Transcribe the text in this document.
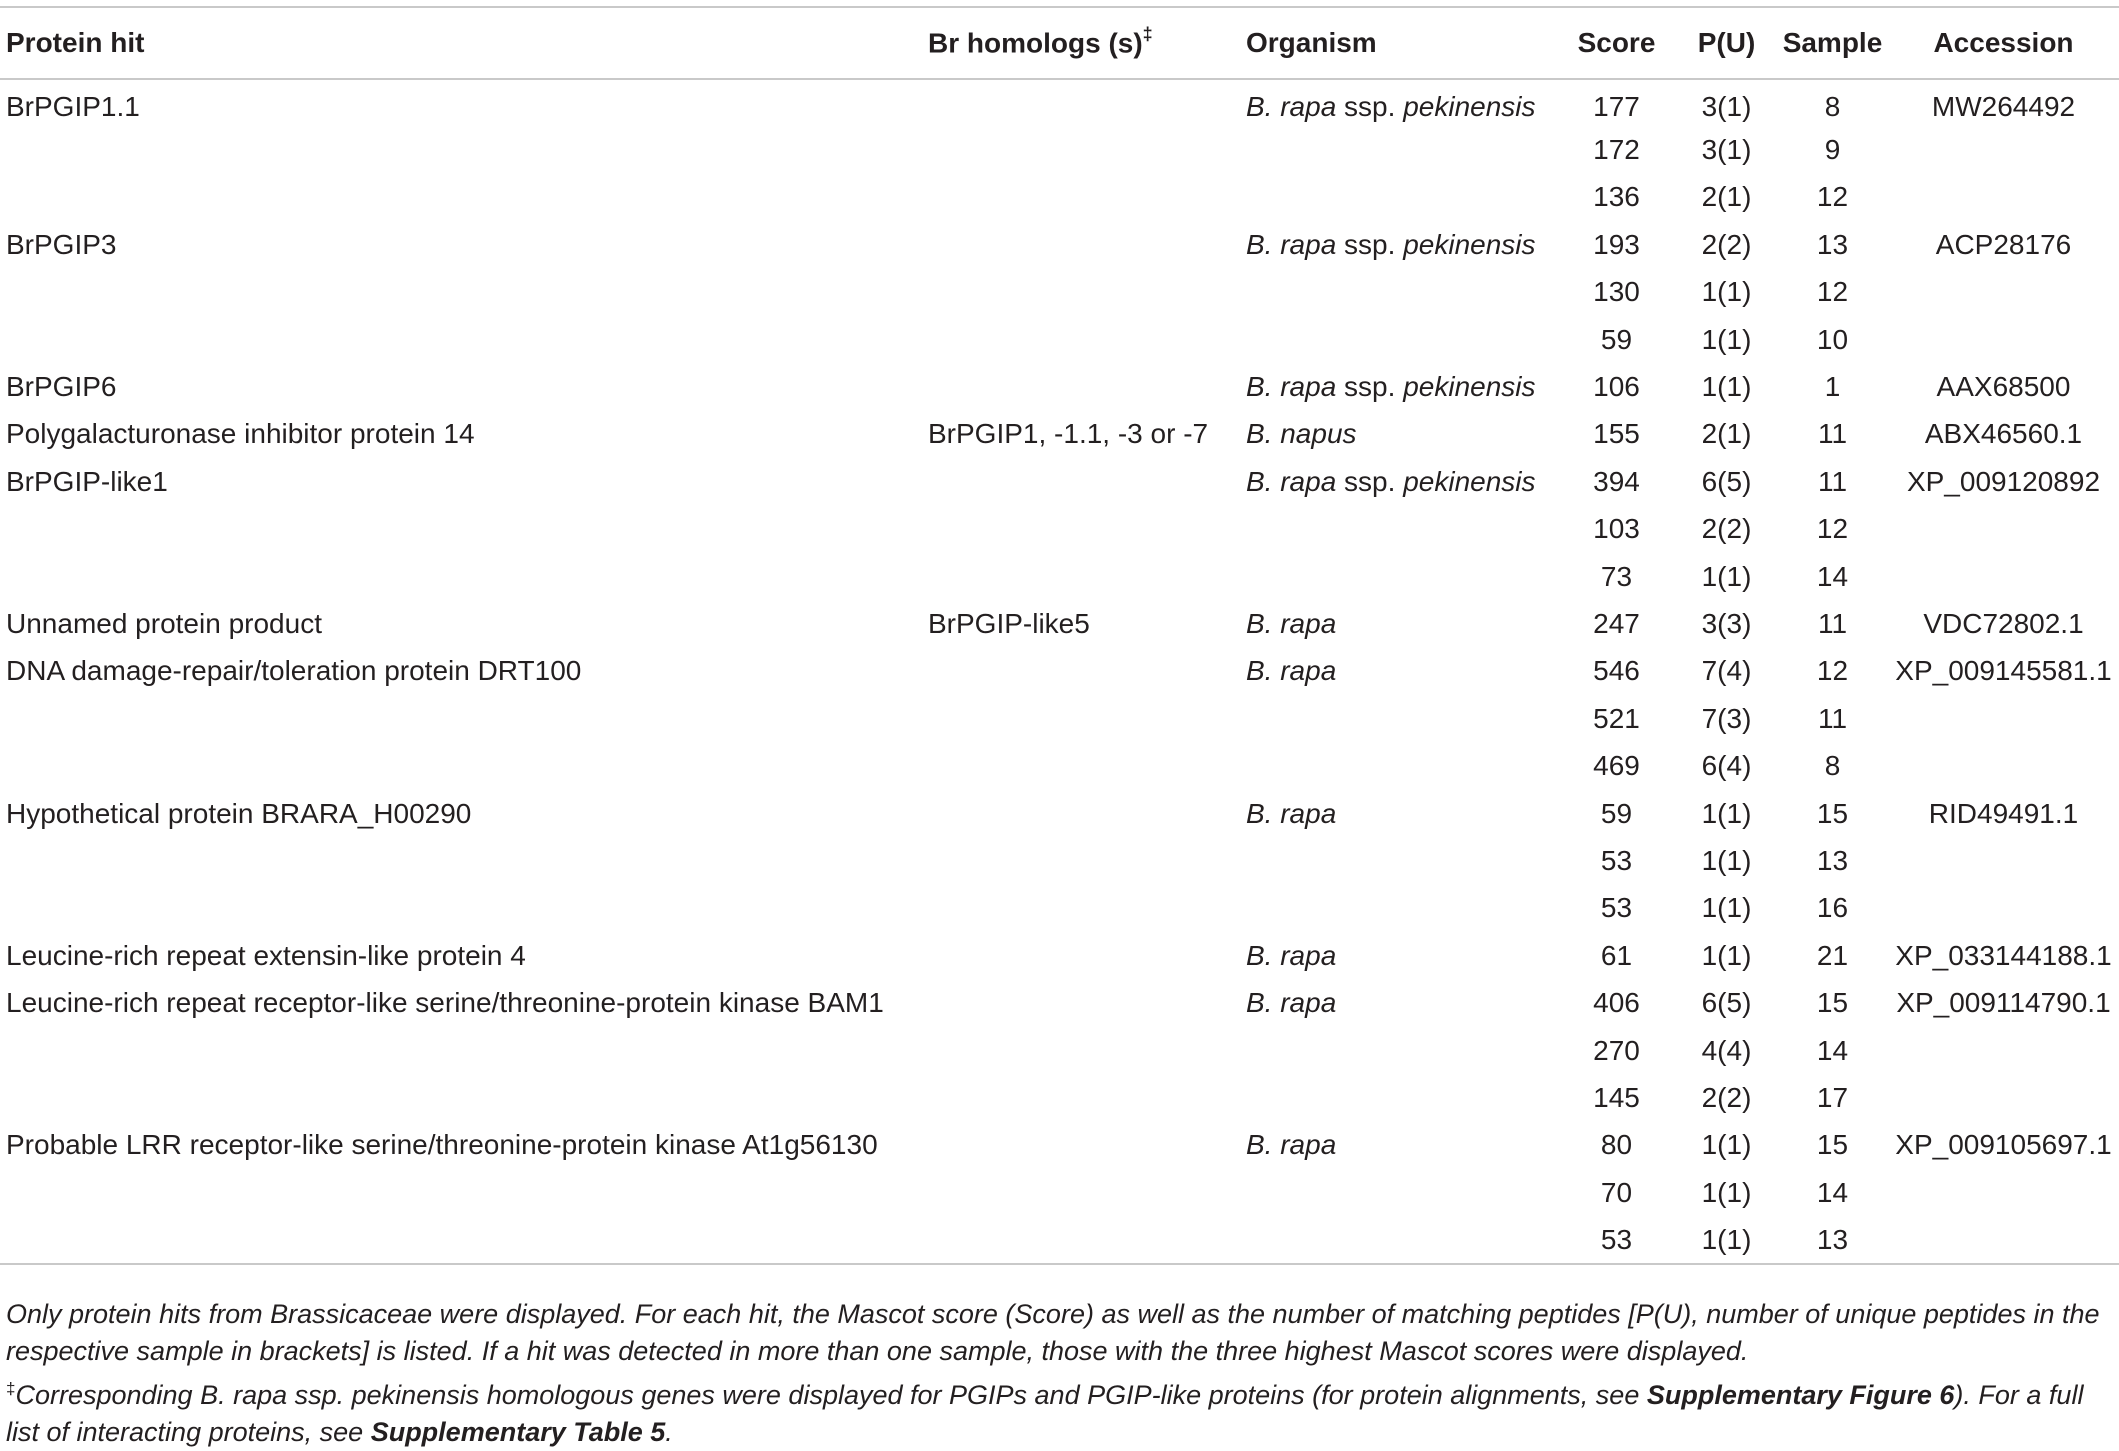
Protein hit	Br homologs (s)‡	Organism	Score	P(U)	Sample	Accession
BrPGIP1.1		B. rapa ssp. pekinensis	177	3(1)	8	MW264492
			172	3(1)	9	
			136	2(1)	12	
BrPGIP3		B. rapa ssp. pekinensis	193	2(2)	13	ACP28176
			130	1(1)	12	
			59	1(1)	10	
BrPGIP6		B. rapa ssp. pekinensis	106	1(1)	1	AAX68500
Polygalacturonase inhibitor protein 14	BrPGIP1, -1.1, -3 or -7	B. napus	155	2(1)	11	ABX46560.1
BrPGIP-like1		B. rapa ssp. pekinensis	394	6(5)	11	XP_009120892
			103	2(2)	12	
			73	1(1)	14	
Unnamed protein product	BrPGIP-like5	B. rapa	247	3(3)	11	VDC72802.1
DNA damage-repair/toleration protein DRT100		B. rapa	546	7(4)	12	XP_009145581.1
			521	7(3)	11	
			469	6(4)	8	
Hypothetical protein BRARA_H00290		B. rapa	59	1(1)	15	RID49491.1
			53	1(1)	13	
			53	1(1)	16	
Leucine-rich repeat extensin-like protein 4		B. rapa	61	1(1)	21	XP_033144188.1
Leucine-rich repeat receptor-like serine/threonine-protein kinase BAM1		B. rapa	406	6(5)	15	XP_009114790.1
			270	4(4)	14	
			145	2(2)	17	
Probable LRR receptor-like serine/threonine-protein kinase At1g56130		B. rapa	80	1(1)	15	XP_009105697.1
			70	1(1)	14	
			53	1(1)	13	

Only protein hits from Brassicaceae were displayed. For each hit, the Mascot score (Score) as well as the number of matching peptides [P(U), number of unique peptides in the respective sample in brackets] is listed. If a hit was detected in more than one sample, those with the three highest Mascot scores were displayed.

‡Corresponding B. rapa ssp. pekinensis homologous genes were displayed for PGIPs and PGIP-like proteins (for protein alignments, see Supplementary Figure 6). For a full list of interacting proteins, see Supplementary Table 5.
